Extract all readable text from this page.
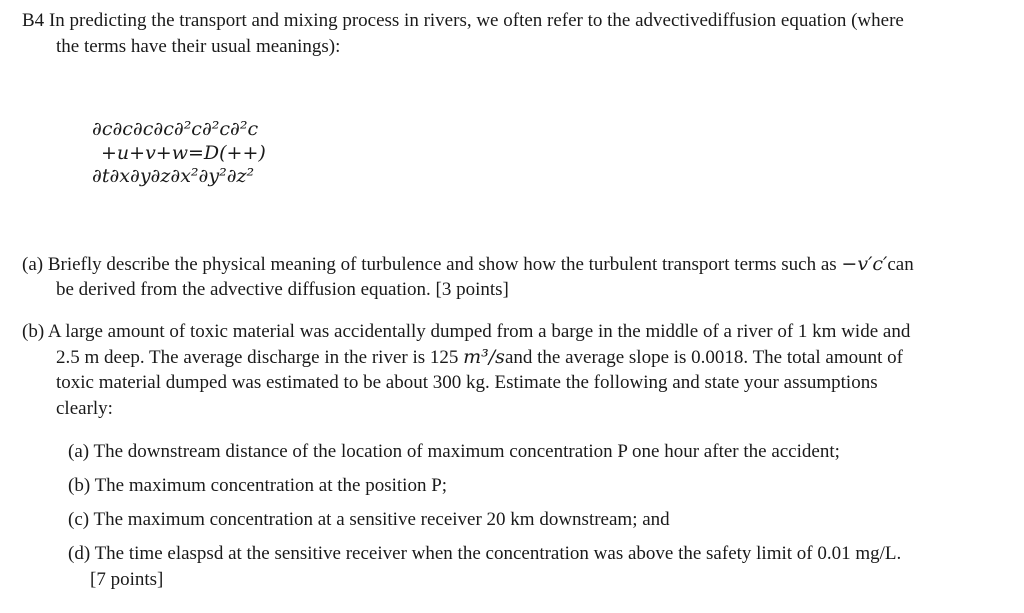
B4 In predicting the transport and mixing process in rivers, we often refer to the advectivediffusion equation (where
the terms have their usual meanings):
∂c∂c∂c∂c∂²c∂²c∂²c
+u+v+w=D(++)
∂t∂x∂y∂z∂x²∂y²∂z²
(a) Briefly describe the physical meaning of turbulence and show how the turbulent transport terms such as −v′c′can
be derived from the advective diffusion equation. [3 points]
(b) A large amount of toxic material was accidentally dumped from a barge in the middle of a river of 1 km wide and
2.5 m deep. The average discharge in the river is 125 m³/sand the average slope is 0.0018. The total amount of
toxic material dumped was estimated to be about 300 kg. Estimate the following and state your assumptions
clearly:
(a) The downstream distance of the location of maximum concentration P one hour after the accident;
(b) The maximum concentration at the position P;
(c) The maximum concentration at a sensitive receiver 20 km downstream; and
(d) The time elaspsd at the sensitive receiver when the concentration was above the safety limit of 0.01 mg/L.
[7 points]
